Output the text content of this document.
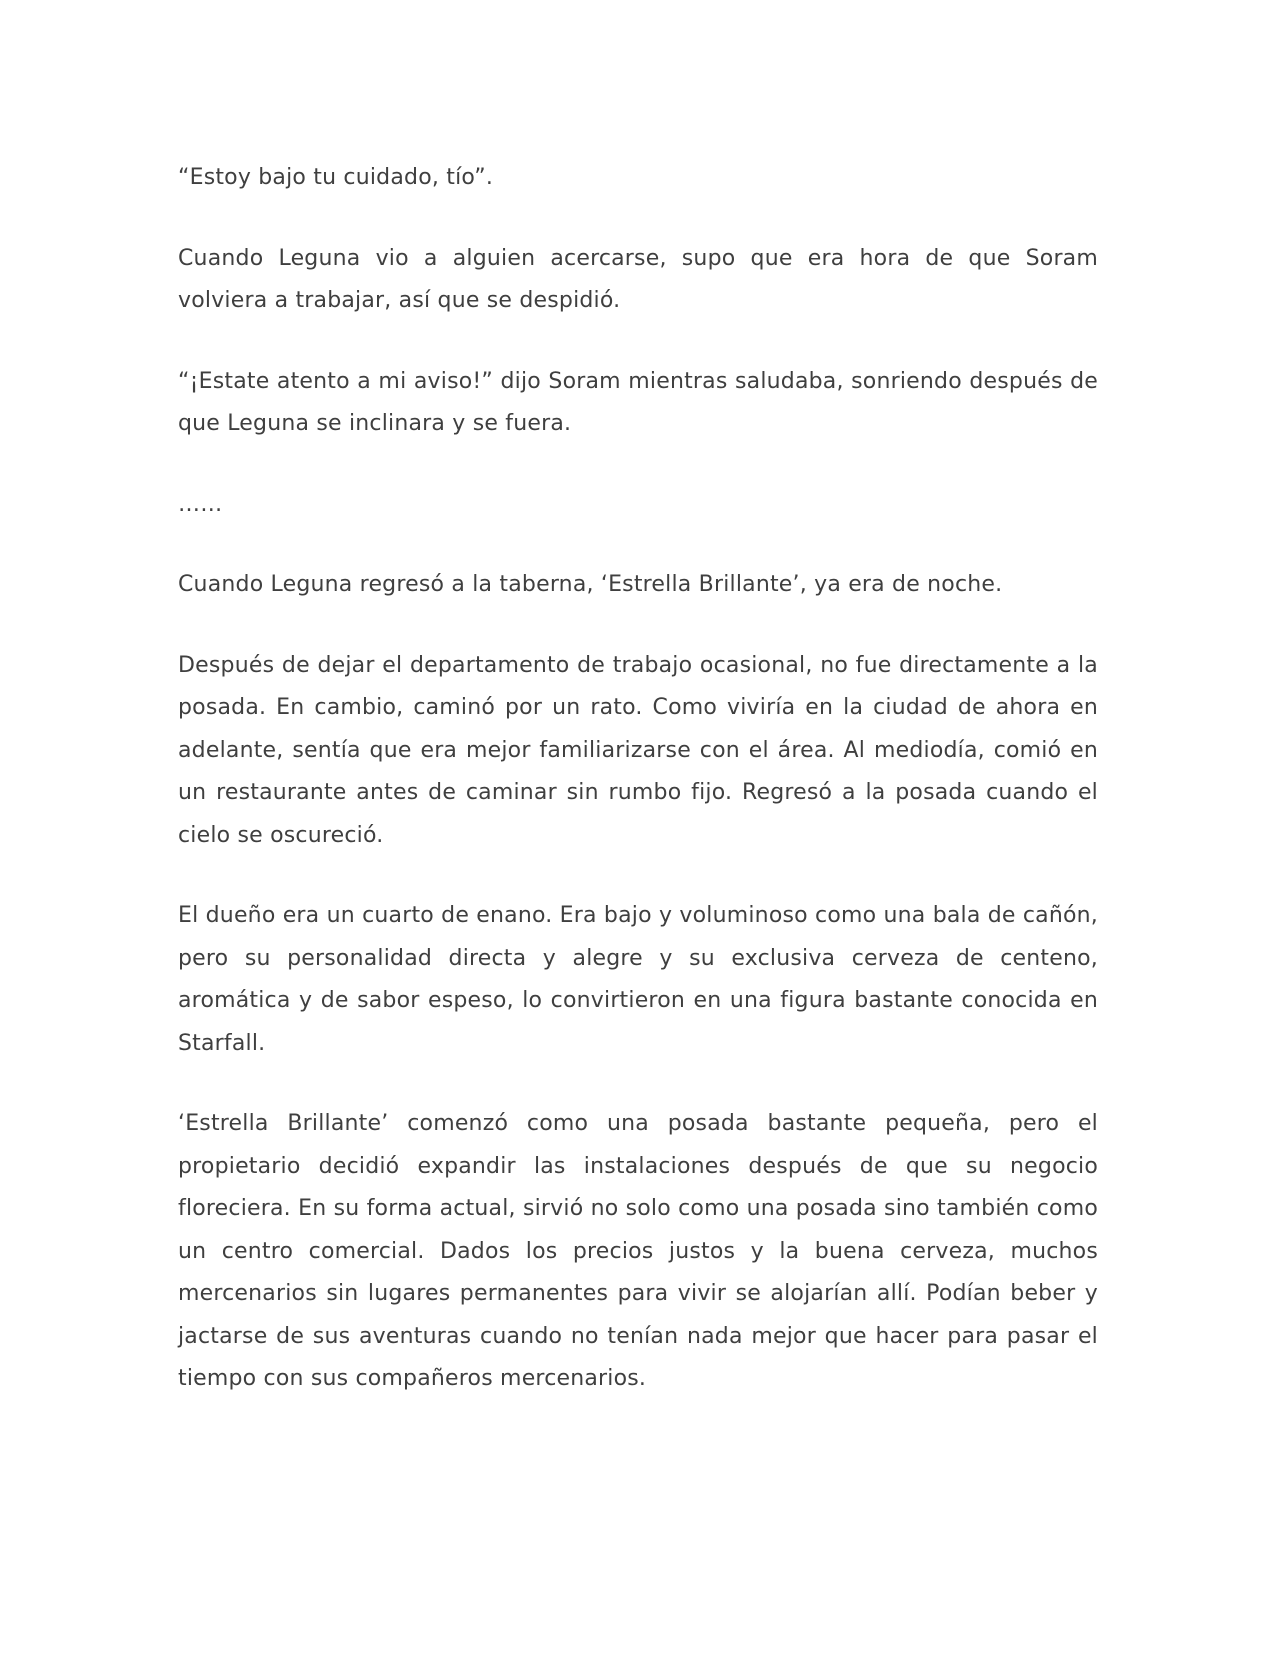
“Estoy bajo tu cuidado, tío”.

Cuando Leguna vio a alguien acercarse, supo que era hora de que Soram volviera a trabajar, así que se despidió.

“¡Estate atento a mi aviso!” dijo Soram mientras saludaba, sonriendo después de que Leguna se inclinara y se fuera.

……

Cuando Leguna regresó a la taberna, ‘Estrella Brillante’, ya era de noche.

Después de dejar el departamento de trabajo ocasional, no fue directamente a la posada. En cambio, caminó por un rato. Como viviría en la ciudad de ahora en adelante, sentía que era mejor familiarizarse con el área. Al mediodía, comió en un restaurante antes de caminar sin rumbo fijo. Regresó a la posada cuando el cielo se oscureció.

El dueño era un cuarto de enano. Era bajo y voluminoso como una bala de cañón, pero su personalidad directa y alegre y su exclusiva cerveza de centeno, aromática y de sabor espeso, lo convirtieron en una figura bastante conocida en Starfall.

‘Estrella Brillante’ comenzó como una posada bastante pequeña, pero el propietario decidió expandir las instalaciones después de que su negocio floreciera. En su forma actual, sirvió no solo como una posada sino también como un centro comercial. Dados los precios justos y la buena cerveza, muchos mercenarios sin lugares permanentes para vivir se alojarían allí. Podían beber y jactarse de sus aventuras cuando no tenían nada mejor que hacer para pasar el tiempo con sus compañeros mercenarios.
